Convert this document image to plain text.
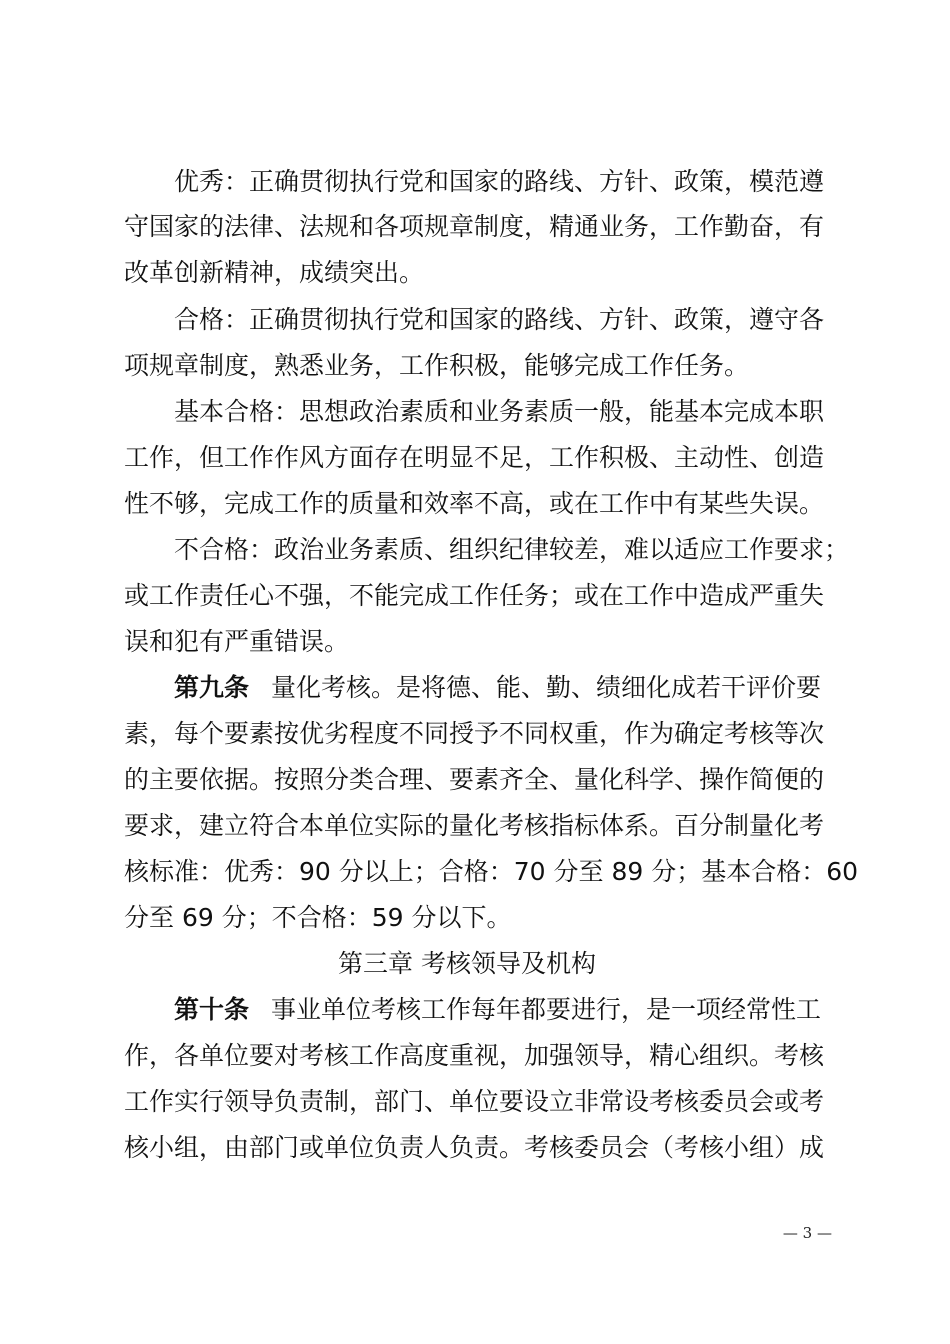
优秀：正确贯彻执行党和国家的路线、方针、政策，模范遵
守国家的法律、法规和各项规章制度，精通业务，工作勤奋，有
改革创新精神，成绩突出。
合格：正确贯彻执行党和国家的路线、方针、政策，遵守各
项规章制度，熟悉业务，工作积极，能够完成工作任务。
基本合格：思想政治素质和业务素质一般，能基本完成本职
工作，但工作作风方面存在明显不足，工作积极、主动性、创造
性不够，完成工作的质量和效率不高，或在工作中有某些失误。
不合格：政治业务素质、组织纪律较差，难以适应工作要求；
或工作责任心不强，不能完成工作任务；或在工作中造成严重失
误和犯有严重错误。
第九条 量化考核。是将德、能、勤、绩细化成若干评价要
素，每个要素按优劣程度不同授予不同权重，作为确定考核等次
的主要依据。按照分类合理、要素齐全、量化科学、操作简便的
要求，建立符合本单位实际的量化考核指标体系。百分制量化考
核标准：优秀：90 分以上；合格：70 分至 89 分；基本合格：60
分至 69 分；不合格：59 分以下。
第三章 考核领导及机构
第十条 事业单位考核工作每年都要进行，是一项经常性工
作，各单位要对考核工作高度重视，加强领导，精心组织。考核
工作实行领导负责制，部门、单位要设立非常设考核委员会或考
核小组，由部门或单位负责人负责。考核委员会（考核小组）成
— 3 —
